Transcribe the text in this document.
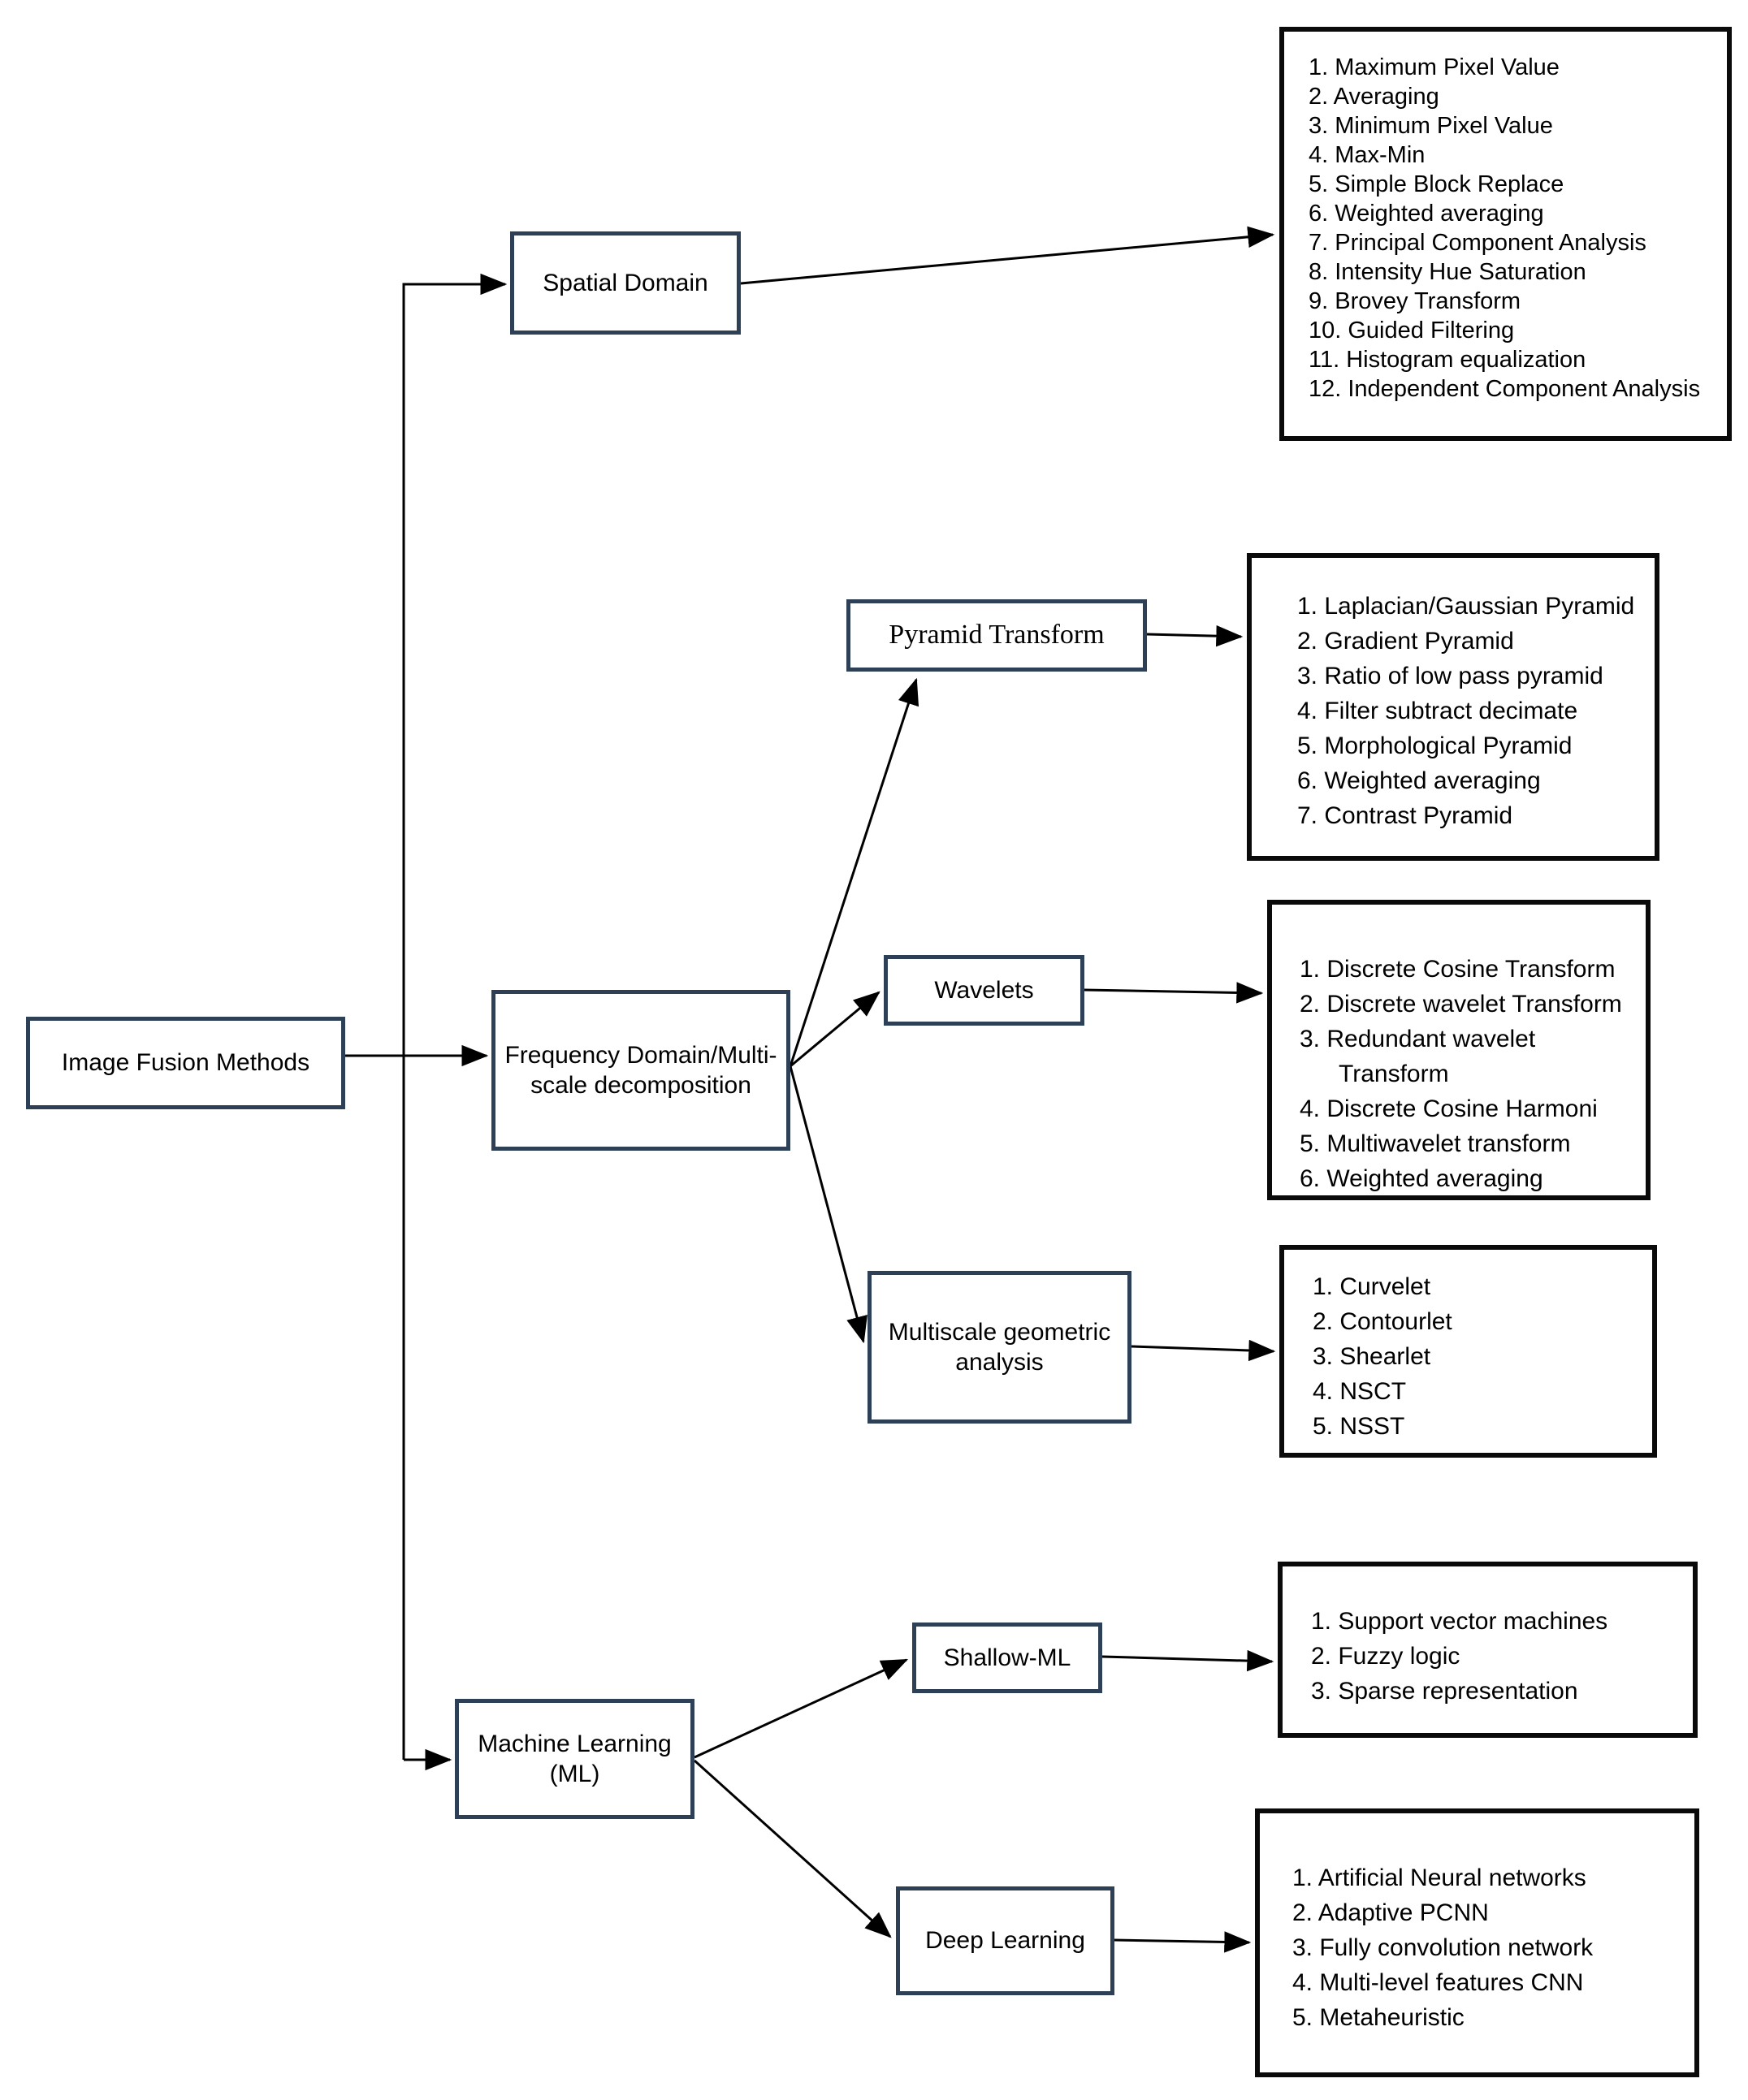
Image Fusion Methods
Spatial Domain
Frequency Domain/Multi-scale decomposition
Pyramid Transform
Wavelets
Multiscale geometric analysis
Machine Learning (ML)
Shallow-ML
Deep Learning
1. Maximum Pixel Value
2. Averaging
3. Minimum Pixel Value
4. Max-Min
5. Simple Block Replace
6. Weighted averaging
7. Principal Component Analysis
8. Intensity Hue Saturation
9. Brovey Transform
10. Guided Filtering
11. Histogram equalization
12. Independent Component Analysis
1. Laplacian/Gaussian Pyramid
2. Gradient Pyramid
3. Ratio of low pass pyramid
4. Filter subtract decimate
5. Morphological Pyramid
6. Weighted averaging
7. Contrast Pyramid
1. Discrete Cosine Transform
2. Discrete wavelet Transform
3. Redundant wavelet Transform
4. Discrete Cosine Harmoni
5. Multiwavelet transform
6. Weighted averaging
1. Curvelet
2. Contourlet
3. Shearlet
4. NSCT
5. NSST
1. Support vector machines
2. Fuzzy logic
3. Sparse representation
1. Artificial Neural networks
2. Adaptive PCNN
3. Fully convolution network
4. Multi-level features CNN
5. Metaheuristic
